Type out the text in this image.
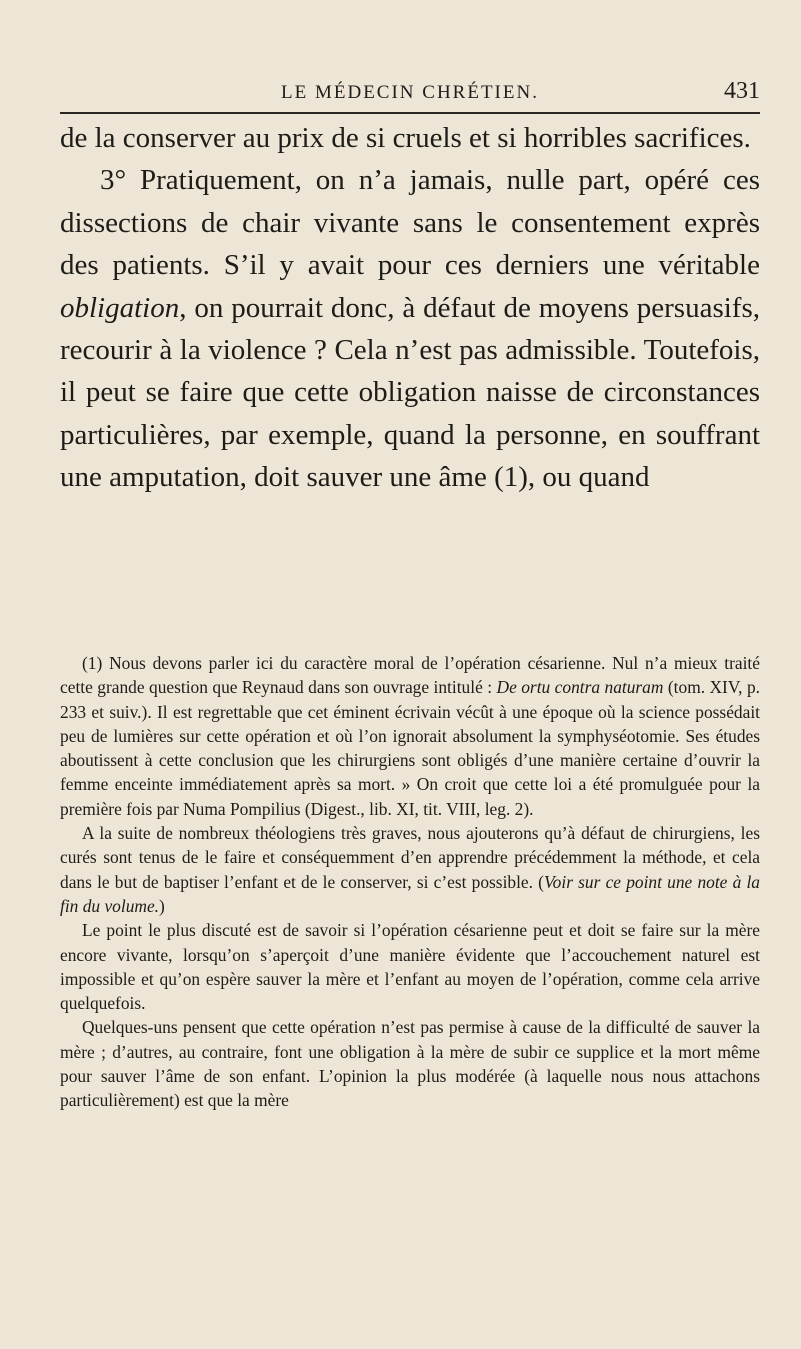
LE MÉDECIN CHRÉTIEN.	431

de la conserver au prix de si cruels et si horribles sacrifices.

3° Pratiquement, on n’a jamais, nulle part, opéré ces dissections de chair vivante sans le consentement exprès des patients. S’il y avait pour ces derniers une véritable obligation, on pourrait donc, à défaut de moyens persuasifs, recourir à la violence ? Cela n’est pas admissible. Toutefois, il peut se faire que cette obligation naisse de circonstances particulières, par exemple, quand la personne, en souffrant une amputation, doit sauver une âme (1), ou quand

(1) Nous devons parler ici du caractère moral de l’opération césarienne. Nul n’a mieux traité cette grande question que Reynaud dans son ouvrage intitulé : De ortu contra naturam (tom. XIV, p. 233 et suiv.). Il est regrettable que cet éminent écrivain vécût à une époque où la science possédait peu de lumières sur cette opération et où l’on ignorait absolument la symphyséotomie. Ses études aboutissent à cette conclusion que les chirurgiens sont obligés d’une manière certaine d’ouvrir la femme enceinte immédiatement après sa mort. » On croit que cette loi a été promulguée pour la première fois par Numa Pompilius (Digest., lib. XI, tit. VIII, leg. 2).

A la suite de nombreux théologiens très graves, nous ajouterons qu’à défaut de chirurgiens, les curés sont tenus de le faire et conséquemment d’en apprendre précédemment la méthode, et cela dans le but de baptiser l’enfant et de le conserver, si c’est possible. (Voir sur ce point une note à la fin du volume.)

Le point le plus discuté est de savoir si l’opération césarienne peut et doit se faire sur la mère encore vivante, lorsqu’on s’aperçoit d’une manière évidente que l’accouchement naturel est impossible et qu’on espère sauver la mère et l’enfant au moyen de l’opération, comme cela arrive quelquefois.

Quelques-uns pensent que cette opération n’est pas permise à cause de la difficulté de sauver la mère ; d’autres, au contraire, font une obligation à la mère de subir ce supplice et la mort même pour sauver l’âme de son enfant. L’opinion la plus modérée (à laquelle nous nous attachons particulièrement) est que la mère
